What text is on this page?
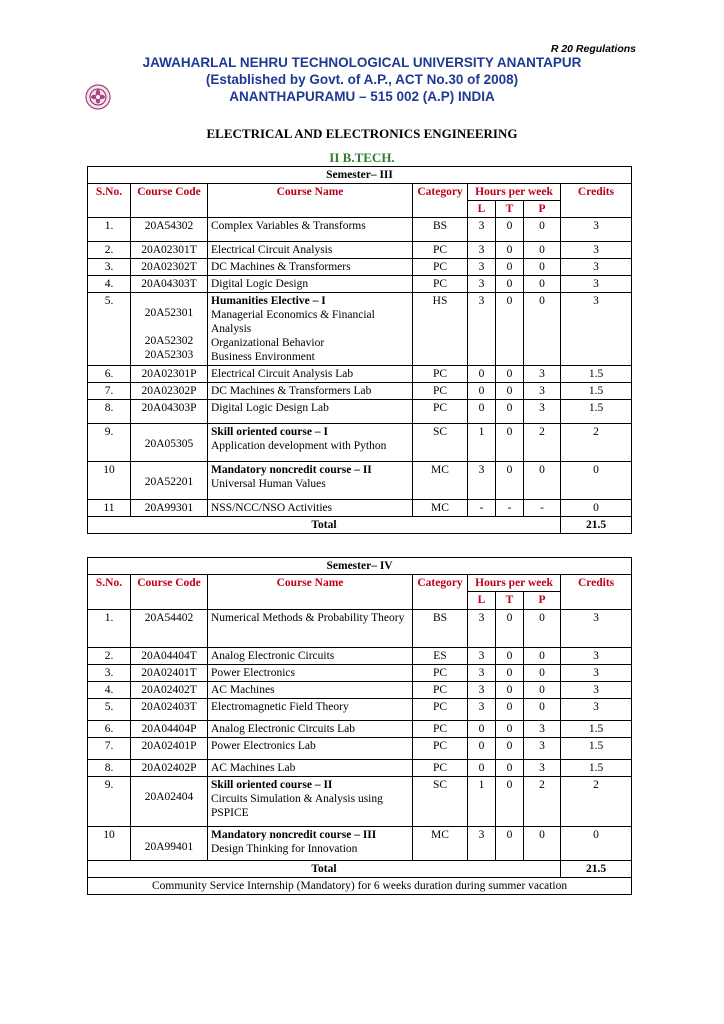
R 20 Regulations
JAWAHARLAL NEHRU TECHNOLOGICAL UNIVERSITY ANANTAPUR
(Established by Govt. of A.P., ACT No.30 of 2008)
ANANTHAPURAMU – 515 002 (A.P) INDIA
ELECTRICAL AND ELECTRONICS ENGINEERING
II B.TECH.
Semester– III							
S.No.	Course Code	Course Name	Category	Hours per week			Credits
				L	T	P	
1.	20A54302	Complex Variables & Transforms	BS	3	0	0	3
2.	20A02301T	Electrical Circuit Analysis	PC	3	0	0	3
3.	20A02302T	DC Machines & Transformers	PC	3	0	0	3
4.	20A04303T	Digital Logic Design	PC	3	0	0	3
5.	20A52301
20A52302
20A52303	Humanities Elective – I
Managerial Economics & Financial
Analysis
Organizational Behavior
Business Environment	HS	3	0	0	3
6.	20A02301P	Electrical Circuit Analysis Lab	PC	0	0	3	1.5
7.	20A02302P	DC Machines & Transformers Lab	PC	0	0	3	1.5
8.	20A04303P	Digital Logic Design Lab	PC	0	0	3	1.5
9.	20A05305	Skill oriented course – I
Application development with Python	SC	1	0	2	2
10	20A52201	Mandatory noncredit course – II
Universal Human Values	MC	3	0	0	0
11	20A99301	NSS/NCC/NSO Activities	MC	-	-	-	0
Total							21.5
Semester– IV							
S.No.	Course Code	Course Name	Category	Hours per week			Credits
				L	T	P	
1.	20A54402	Numerical Methods & Probability Theory	BS	3	0	0	3
2.	20A04404T	Analog Electronic Circuits	ES	3	0	0	3
3.	20A02401T	Power Electronics	PC	3	0	0	3
4.	20A02402T	AC Machines	PC	3	0	0	3
5.	20A02403T	Electromagnetic Field Theory	PC	3	0	0	3
6.	20A04404P	Analog Electronic Circuits Lab	PC	0	0	3	1.5
7.	20A02401P	Power Electronics Lab	PC	0	0	3	1.5
8.	20A02402P	AC Machines Lab	PC	0	0	3	1.5
9.	20A02404	Skill oriented course – II
Circuits Simulation & Analysis using PSPICE	SC	1	0	2	2
10	20A99401	Mandatory noncredit course – III
Design Thinking for Innovation	MC	3	0	0	0
Total							21.5
Community Service Internship (Mandatory) for 6 weeks duration during summer vacation							
